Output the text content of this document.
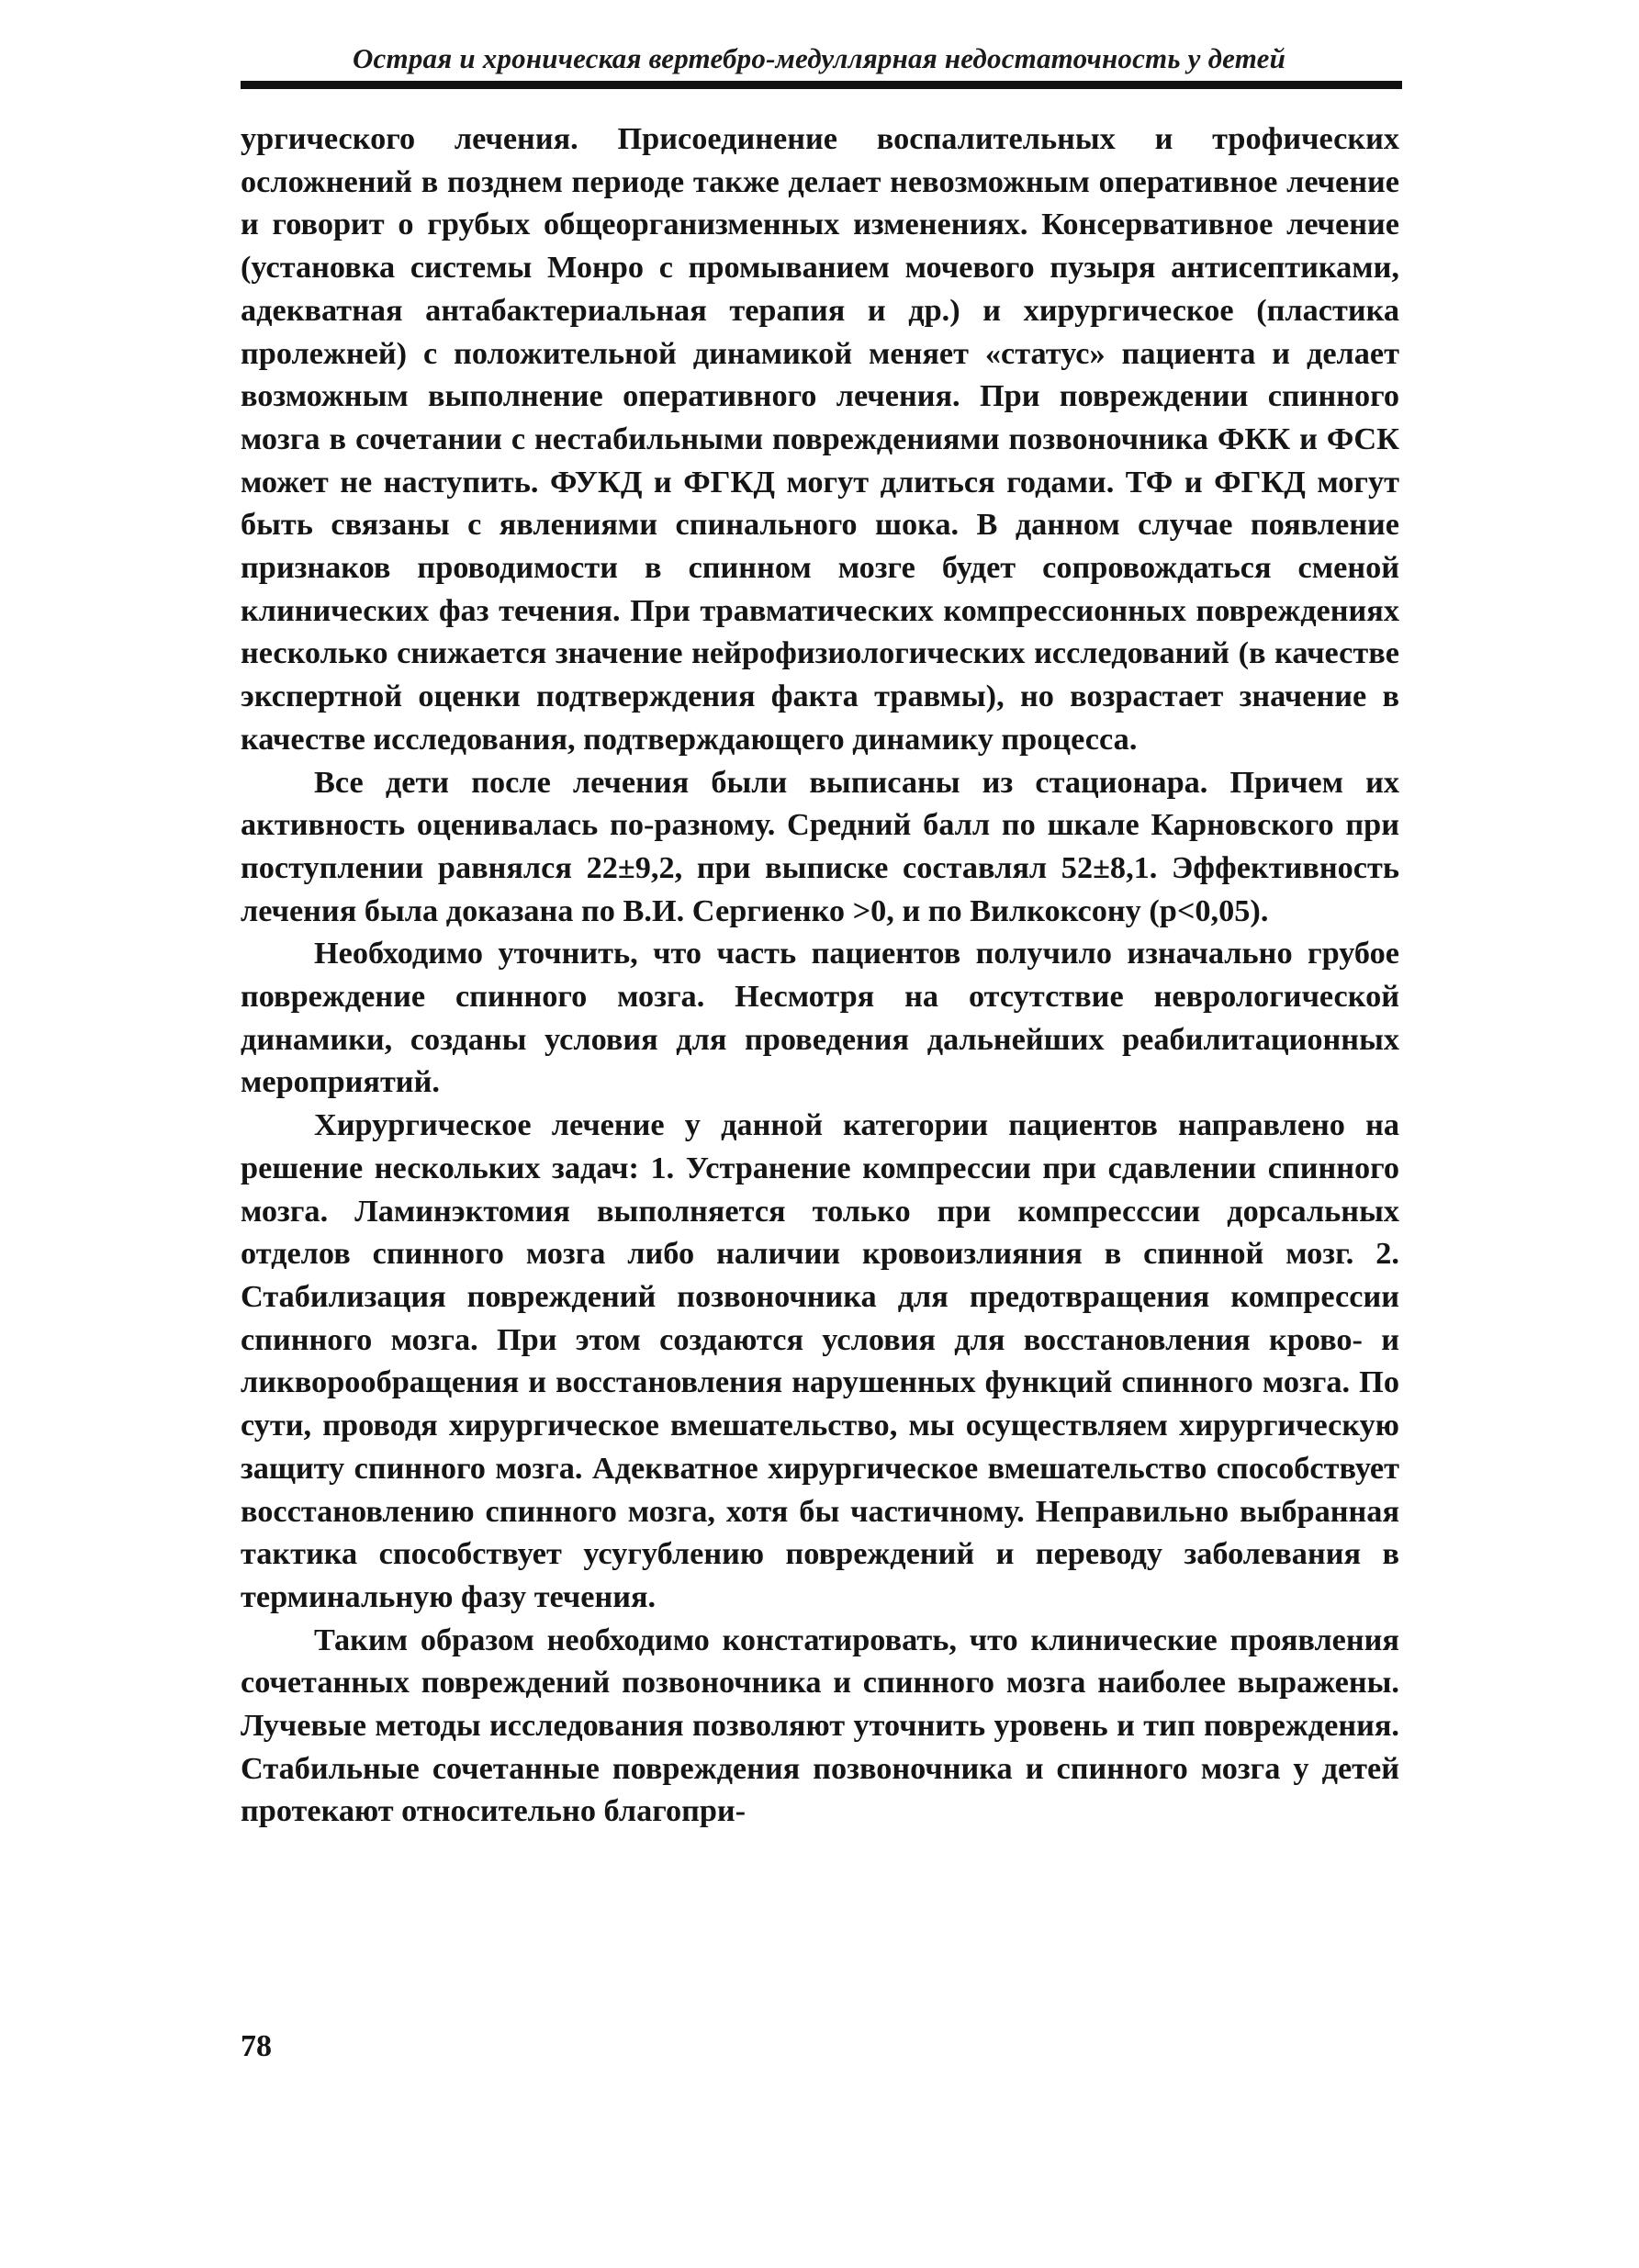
Острая и хроническая вертебро-медуллярная недостаточность у детей

ургического лечения. Присоединение воспалительных и трофических осложнений в позднем периоде также делает невозможным оперативное лечение и говорит о грубых общеорганизменных изменениях. Консервативное лечение (установка системы Монро с промыванием мочевого пузыря антисептиками, адекватная антабактериальная терапия и др.) и хирургическое (пластика пролежней) с положительной динамикой меняет «статус» пациента и делает возможным выполнение оперативного лечения. При повреждении спинного мозга в сочетании с нестабильными повреждениями позвоночника ФКК и ФСК может не наступить. ФУКД и ФГКД могут длиться годами. ТФ и ФГКД могут быть связаны с явлениями спинального шока. В данном случае появление признаков проводимости в спинном мозге будет сопровождаться сменой клинических фаз течения. При травматических компрессионных повреждениях несколько снижается значение нейрофизиологических исследований (в качестве экспертной оценки подтверждения факта травмы), но возрастает значение в качестве исследования, подтверждающего динамику процесса.

Все дети после лечения были выписаны из стационара. Причем их активность оценивалась по-разному. Средний балл по шкале Карновского при поступлении равнялся 22±9,2, при выписке составлял 52±8,1. Эффективность лечения была доказана по В.И. Сергиенко >0, и по Вилкоксону (p<0,05).

Необходимо уточнить, что часть пациентов получило изначально грубое повреждение спинного мозга. Несмотря на отсутствие неврологической динамики, созданы условия для проведения дальнейших реабилитационных мероприятий.

Хирургическое лечение у данной категории пациентов направлено на решение нескольких задач: 1. Устранение компрессии при сдавлении спинного мозга. Ламинэктомия выполняется только при компресссии дорсальных отделов спинного мозга либо наличии кровоизлияния в спинной мозг. 2. Стабилизация повреждений позвоночника для предотвращения компрессии спинного мозга. При этом создаются условия для восстановления крово- и ликворообращения и восстановления нарушенных функций спинного мозга. По сути, проводя хирургическое вмешательство, мы осуществляем хирургическую защиту спинного мозга. Адекватное хирургическое вмешательство способствует восстановлению спинного мозга, хотя бы частичному. Неправильно выбранная тактика способствует усугублению повреждений и переводу заболевания в терминальную фазу течения.

Таким образом необходимо констатировать, что клинические проявления сочетанных повреждений позвоночника и спинного мозга наиболее выражены. Лучевые методы исследования позволяют уточнить уровень и тип повреждения. Стабильные сочетанные повреждения позвоночника и спинного мозга у детей протекают относительно благопри-

78
